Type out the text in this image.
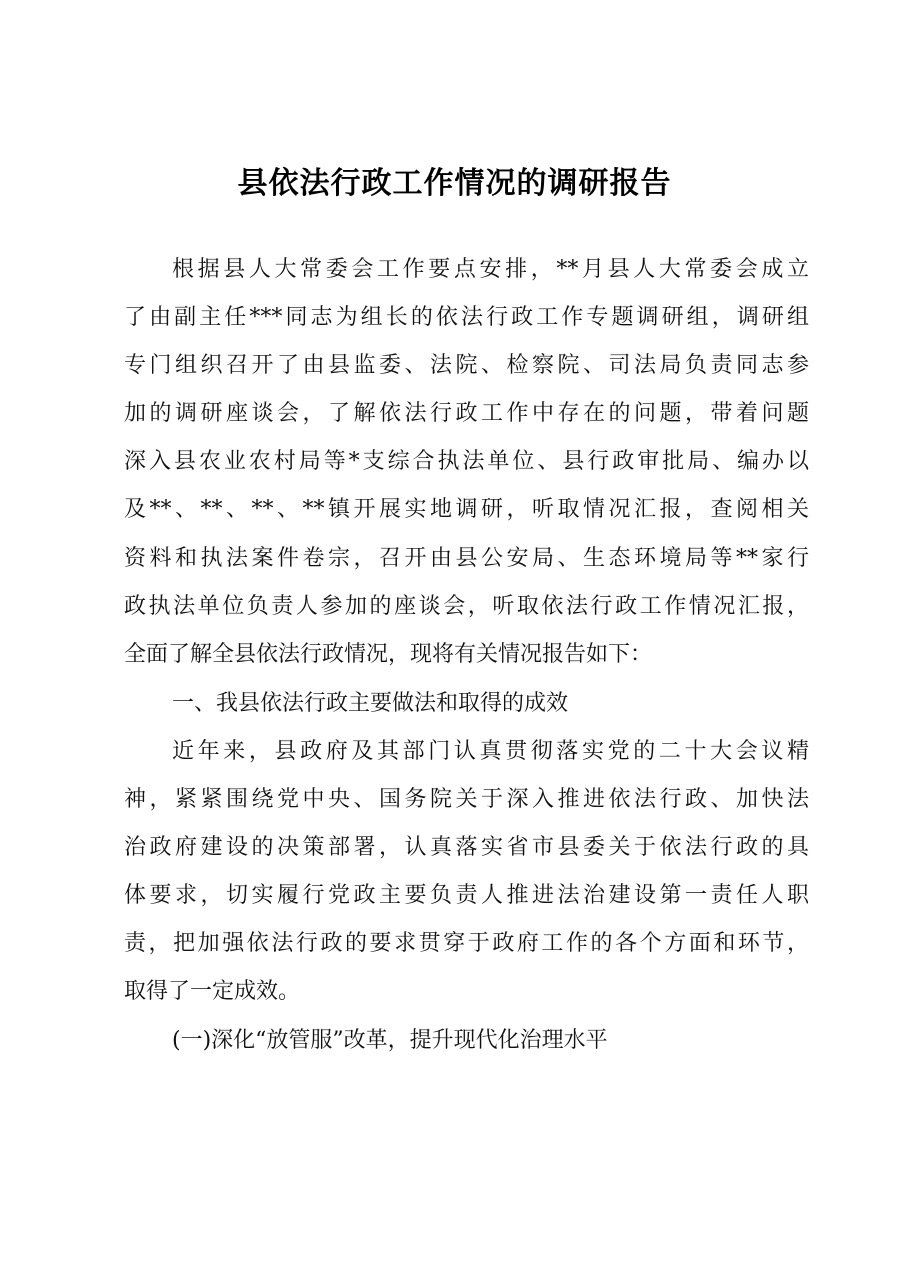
县依法行政工作情况的调研报告
根据县人大常委会工作要点安排，**月县人大常委会成立
了由副主任***同志为组长的依法行政工作专题调研组，调研组
专门组织召开了由县监委、法院、检察院、司法局负责同志参
加的调研座谈会，了解依法行政工作中存在的问题，带着问题
深入县农业农村局等*支综合执法单位、县行政审批局、编办以
及**、**、**、**镇开展实地调研，听取情况汇报，查阅相关
资料和执法案件卷宗，召开由县公安局、生态环境局等**家行
政执法单位负责人参加的座谈会，听取依法行政工作情况汇报，
全面了解全县依法行政情况，现将有关情况报告如下：
一、我县依法行政主要做法和取得的成效
近年来，县政府及其部门认真贯彻落实党的二十大会议精
神，紧紧围绕党中央、国务院关于深入推进依法行政、加快法
治政府建设的决策部署，认真落实省市县委关于依法行政的具
体要求，切实履行党政主要负责人推进法治建设第一责任人职
责，把加强依法行政的要求贯穿于政府工作的各个方面和环节，
取得了一定成效。
(一)深化“放管服”改革，提升现代化治理水平
